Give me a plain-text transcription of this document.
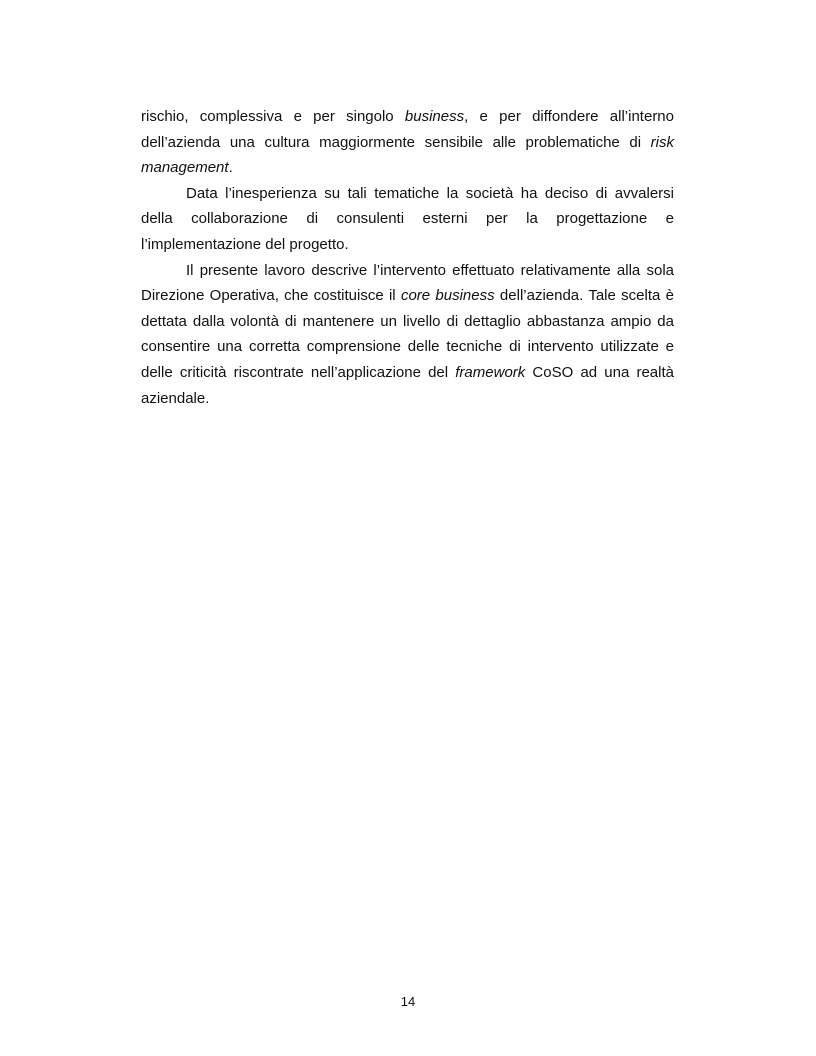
rischio, complessiva e per singolo business, e per diffondere all’interno dell’azienda una cultura maggiormente sensibile alle problematiche di risk management.

Data l’inesperienza su tali tematiche la società ha deciso di avvalersi della collaborazione di consulenti esterni per la progettazione e l’implementazione del progetto.

Il presente lavoro descrive l’intervento effettuato relativamente alla sola Direzione Operativa, che costituisce il core business dell’azienda. Tale scelta è dettata dalla volontà di mantenere un livello di dettaglio abbastanza ampio da consentire una corretta comprensione delle tecniche di intervento utilizzate e delle criticità riscontrate nell’applicazione del framework CoSO ad una realtà aziendale.

14
